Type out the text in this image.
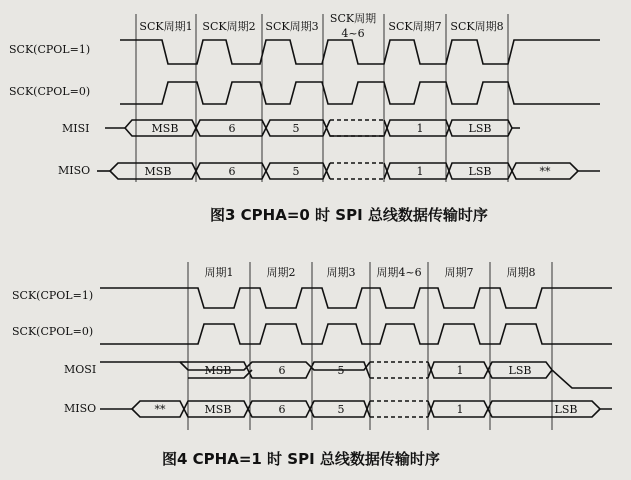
SCK周期1 SCK周期2 SCK周期3
SCK周期
4~6
SCK周期7 SCK周期8
SCK(CPOL=1)
SCK(CPOL=0)
MISI
MISO
MSB	6	5	1	LSB
MSB	6	5	1	LSB	**
图3 CPHA=0 时 SPI 总线数据传输时序
周期1	周期2	周期3 周期4~6 周期7	周期8
SCK(CPOL=1)
SCK(CPOL=0)
MOSI
MISO
MSB	6	5	1	LSB
**	MSB	6	5	1	LSB
图4 CPHA=1 时 SPI 总线数据传输时序
